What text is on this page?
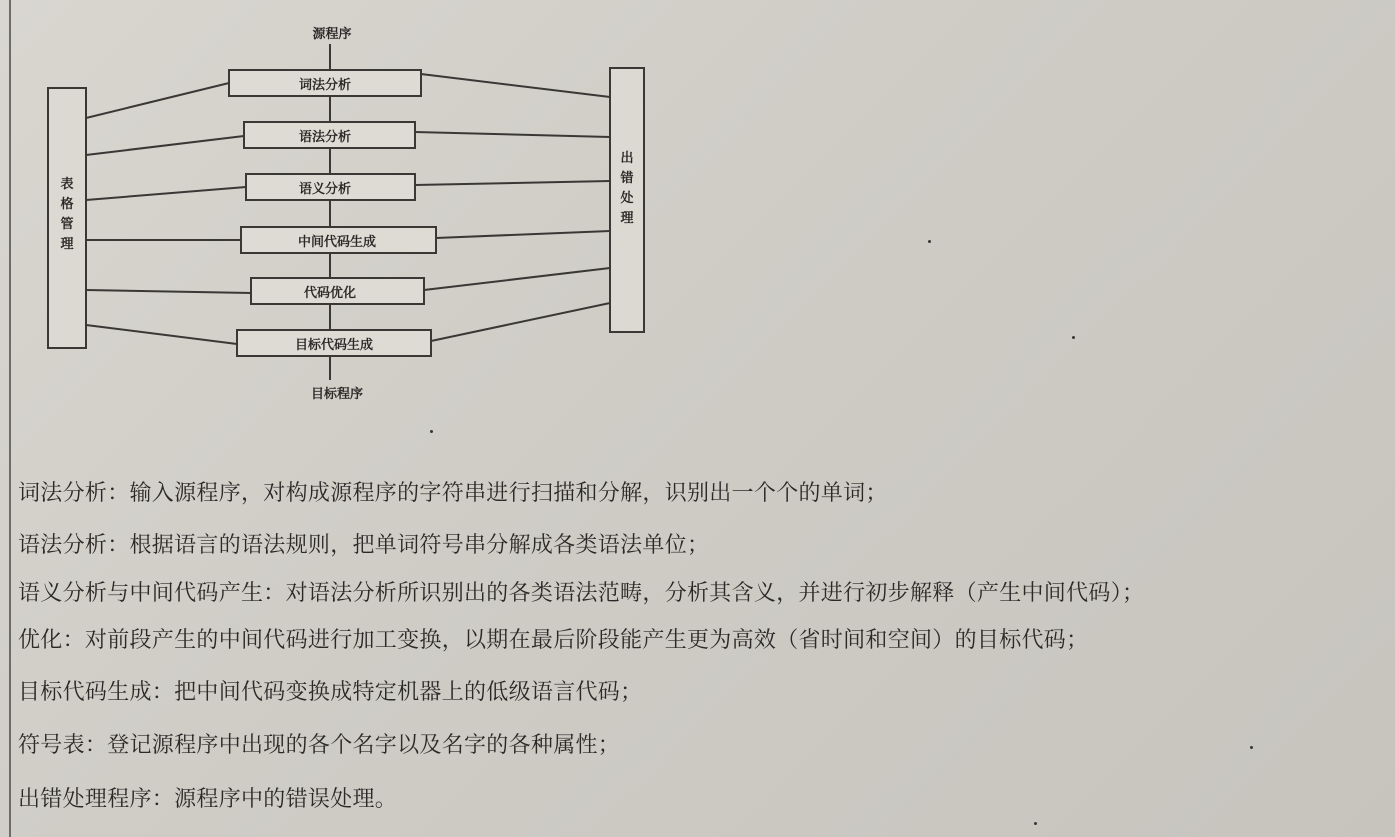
表
格
管
理
出
错
处
理
词法分析
语法分析
语义分析
中间代码生成
代码优化
目标代码生成
源程序
目标程序
词法分析：输入源程序，对构成源程序的字符串进行扫描和分解，识别出一个个的单词；
语法分析：根据语言的语法规则，把单词符号串分解成各类语法单位；
语义分析与中间代码产生：对语法分析所识别出的各类语法范畴，分析其含义，并进行初步解释（产生中间代码）；
优化：对前段产生的中间代码进行加工变换，以期在最后阶段能产生更为高效（省时间和空间）的目标代码；
目标代码生成：把中间代码变换成特定机器上的低级语言代码；
符号表：登记源程序中出现的各个名字以及名字的各种属性；
出错处理程序：源程序中的错误处理。
